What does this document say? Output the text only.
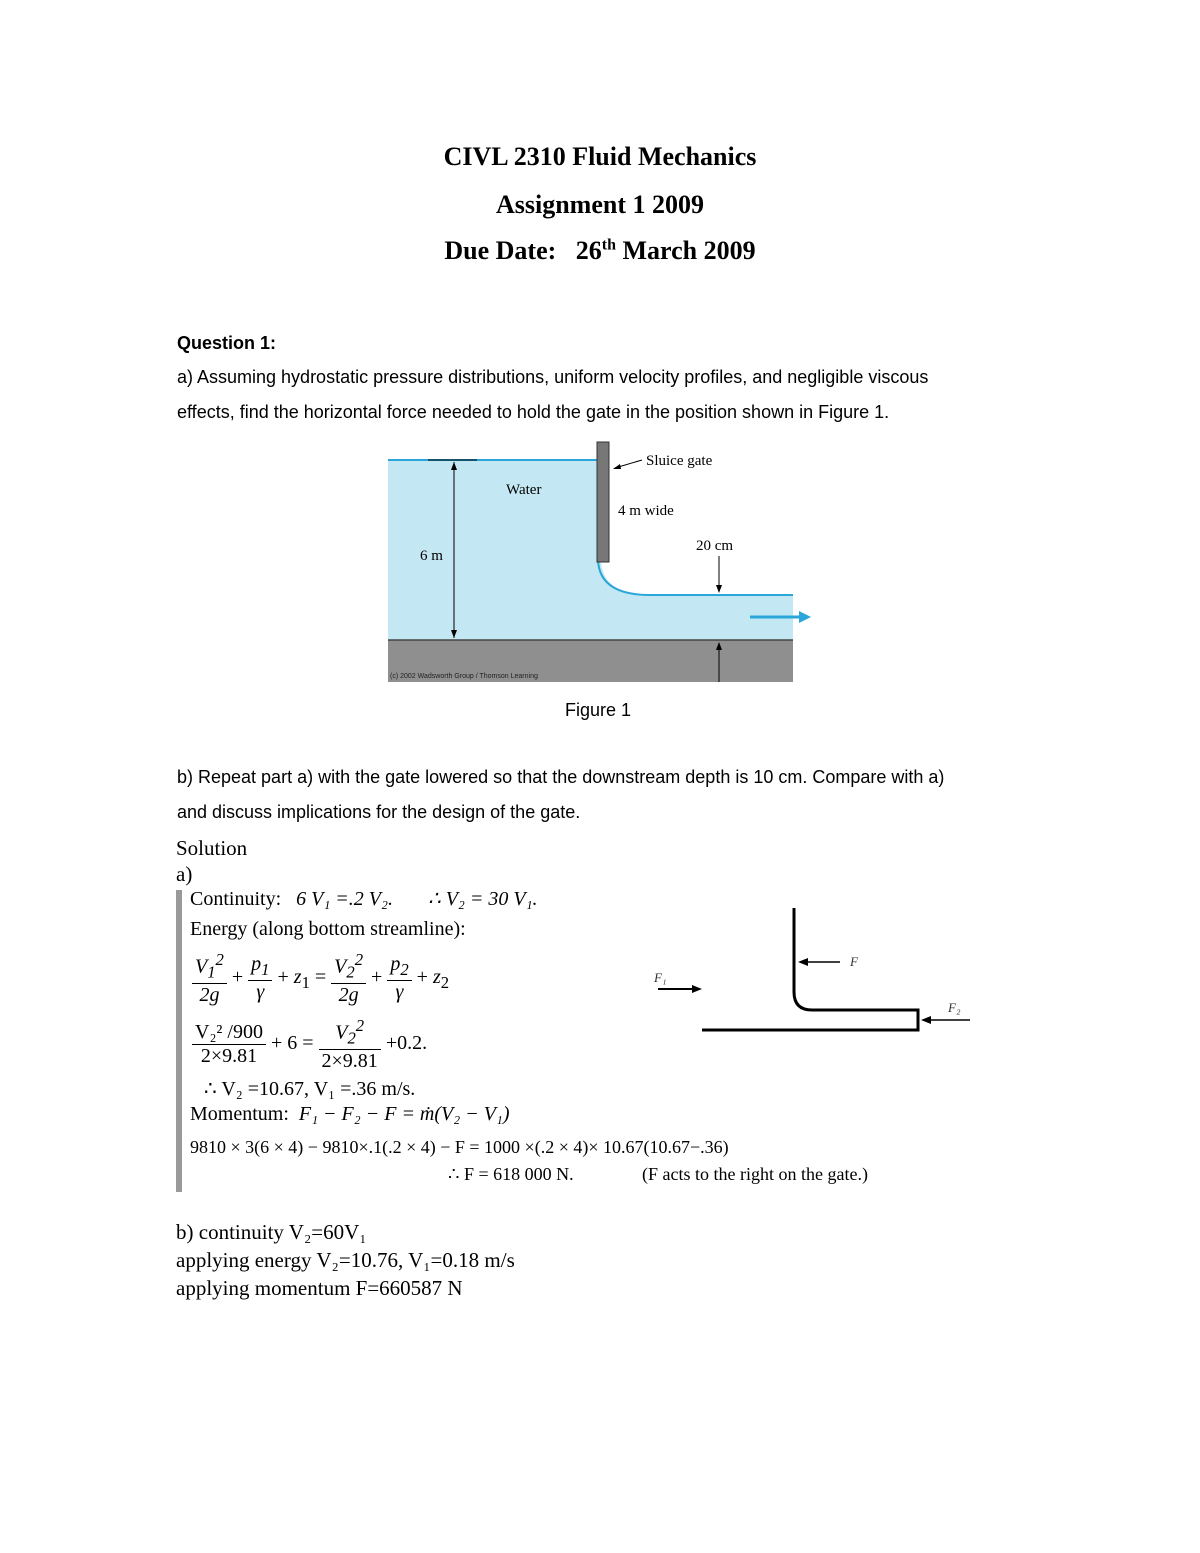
CIVL 2310 Fluid Mechanics
Assignment 1 2009
Due Date: 26th March 2009
Question 1:
a) Assuming hydrostatic pressure distributions, uniform velocity profiles, and negligible viscous
effects, find the horizontal force needed to hold the gate in the position shown in Figure 1.
Sluice gate
Water
4 m wide
6 m
20 cm
(c) 2002 Wadsworth Group / Thomson Learning
Figure 1
b) Repeat part a) with the gate lowered so that the downstream depth is 10 cm. Compare with a)
and discuss implications for the design of the gate.
Solution
a)
Continuity: 6 V₁ =.2 V₂. ∴ V₂ = 30 V₁.
Energy (along bottom streamline):
$\frac{V_1^2}{2g} + \frac{p_1}{\gamma} + z_1 = \frac{V_2^2}{2g} + \frac{p_2}{\gamma} + z_2$
$\frac{\text{V₂² /900}}{2\times 9.81} + 6 = \frac{V_2^2}{2\times 9.81} +0.2$.
∴ V₂ =10.67, V₁ =.36 m/s.
Momentum: F₁ − F₂ − F = ṁ(V₂ − V₁)
9810 × 3(6 × 4) − 9810×.1(.2 × 4) − F = 1000 ×(.2 × 4)× 10.67(10.67−.36)
∴ F = 618 000 N.	(F acts to the right on the gate.)
F
F₁
F₂
b) continuity V₂=60V₁
applying energy V₂=10.76, V₁=0.18 m/s
applying momentum F=660587 N
